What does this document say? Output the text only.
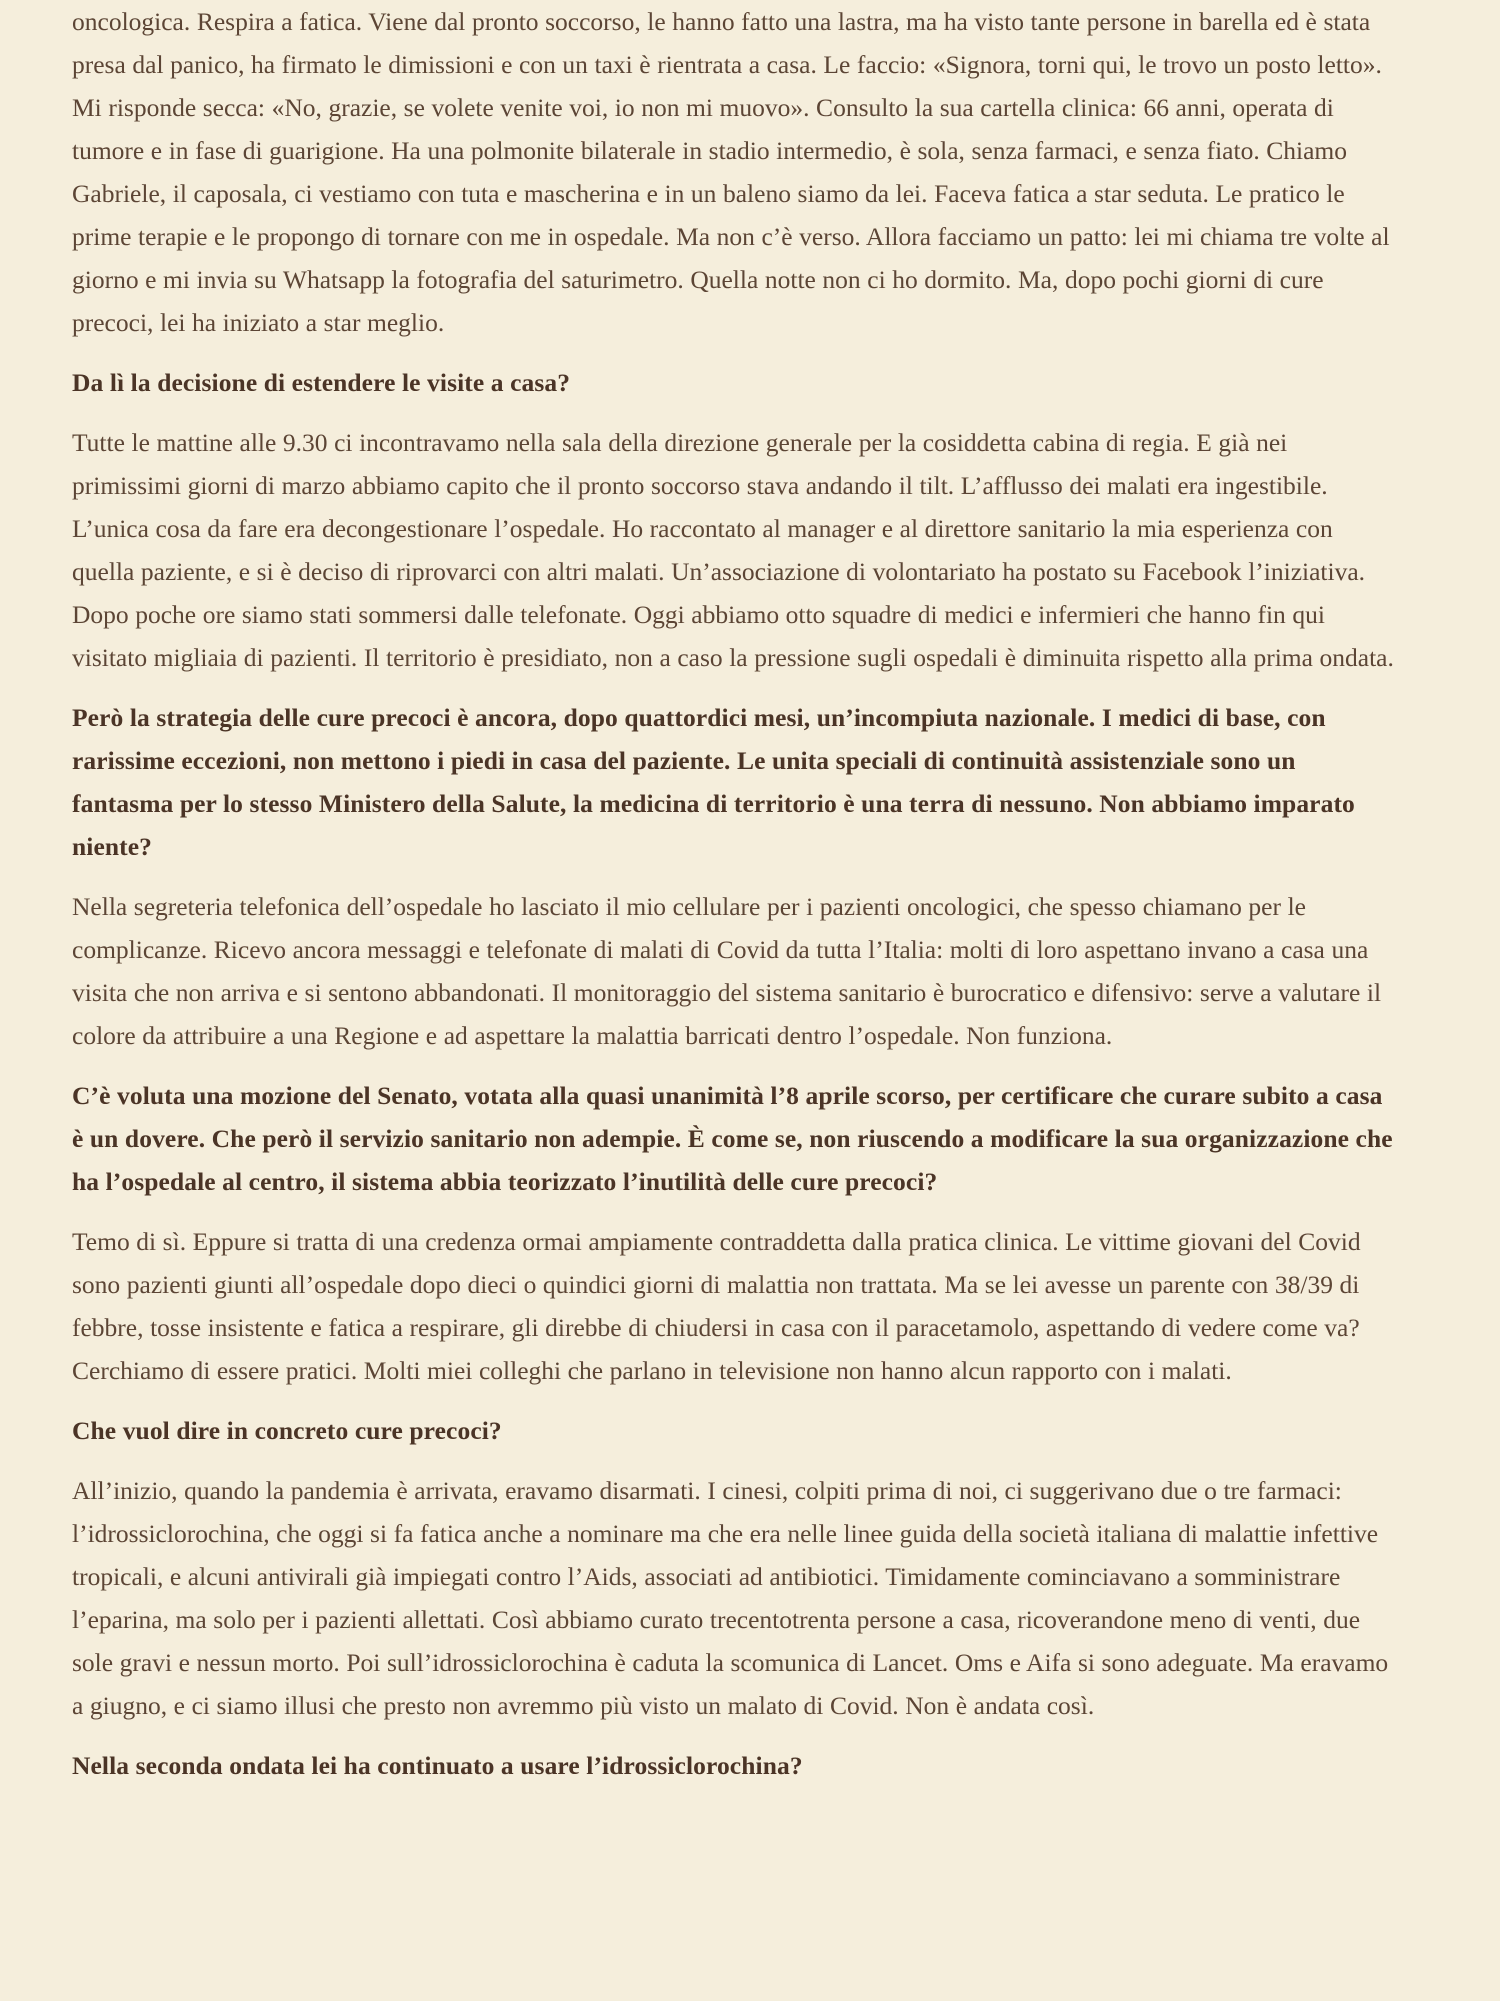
oncologica. Respira a fatica. Viene dal pronto soccorso, le hanno fatto una lastra, ma ha visto tante persone in barella ed è stata presa dal panico, ha firmato le dimissioni e con un taxi è rientrata a casa. Le faccio: «Signora, torni qui, le trovo un posto letto». Mi risponde secca: «No, grazie, se volete venite voi, io non mi muovo». Consulto la sua cartella clinica: 66 anni, operata di tumore e in fase di guarigione. Ha una polmonite bilaterale in stadio intermedio, è sola, senza farmaci, e senza fiato. Chiamo Gabriele, il caposala, ci vestiamo con tuta e mascherina e in un baleno siamo da lei. Faceva fatica a star seduta. Le pratico le prime terapie e le propongo di tornare con me in ospedale. Ma non c’è verso. Allora facciamo un patto: lei mi chiama tre volte al giorno e mi invia su Whatsapp la fotografia del saturimetro. Quella notte non ci ho dormito. Ma, dopo pochi giorni di cure precoci, lei ha iniziato a star meglio.

Da lì la decisione di estendere le visite a casa?

Tutte le mattine alle 9.30 ci incontravamo nella sala della direzione generale per la cosiddetta cabina di regia. E già nei primissimi giorni di marzo abbiamo capito che il pronto soccorso stava andando il tilt. L’afflusso dei malati era ingestibile. L’unica cosa da fare era decongestionare l’ospedale. Ho raccontato al manager e al direttore sanitario la mia esperienza con quella paziente, e si è deciso di riprovarci con altri malati. Un’associazione di volontariato ha postato su Facebook l’iniziativa. Dopo poche ore siamo stati sommersi dalle telefonate. Oggi abbiamo otto squadre di medici e infermieri che hanno fin qui visitato migliaia di pazienti. Il territorio è presidiato, non a caso la pressione sugli ospedali è diminuita rispetto alla prima ondata.

Però la strategia delle cure precoci è ancora, dopo quattordici mesi, un’incompiuta nazionale. I medici di base, con rarissime eccezioni, non mettono i piedi in casa del paziente. Le unita speciali di continuità assistenziale sono un fantasma per lo stesso Ministero della Salute, la medicina di territorio è una terra di nessuno. Non abbiamo imparato niente?

Nella segreteria telefonica dell’ospedale ho lasciato il mio cellulare per i pazienti oncologici, che spesso chiamano per le complicanze. Ricevo ancora messaggi e telefonate di malati di Covid da tutta l’Italia: molti di loro aspettano invano a casa una visita che non arriva e si sentono abbandonati. Il monitoraggio del sistema sanitario è burocratico e difensivo: serve a valutare il colore da attribuire a una Regione e ad aspettare la malattia barricati dentro l’ospedale. Non funziona.

C’è voluta una mozione del Senato, votata alla quasi unanimità l’8 aprile scorso, per certificare che curare subito a casa è un dovere. Che però il servizio sanitario non adempie. È come se, non riuscendo a modificare la sua organizzazione che ha l’ospedale al centro, il sistema abbia teorizzato l’inutilità delle cure precoci?

Temo di sì. Eppure si tratta di una credenza ormai ampiamente contraddetta dalla pratica clinica. Le vittime giovani del Covid sono pazienti giunti all’ospedale dopo dieci o quindici giorni di malattia non trattata. Ma se lei avesse un parente con 38/39 di febbre, tosse insistente e fatica a respirare, gli direbbe di chiudersi in casa con il paracetamolo, aspettando di vedere come va? Cerchiamo di essere pratici. Molti miei colleghi che parlano in televisione non hanno alcun rapporto con i malati.

Che vuol dire in concreto cure precoci?

All’inizio, quando la pandemia è arrivata, eravamo disarmati. I cinesi, colpiti prima di noi, ci suggerivano due o tre farmaci: l’idrossiclorochina, che oggi si fa fatica anche a nominare ma che era nelle linee guida della società italiana di malattie infettive tropicali, e alcuni antivirali già impiegati contro l’Aids, associati ad antibiotici. Timidamente cominciavano a somministrare l’eparina, ma solo per i pazienti allettati. Così abbiamo curato trecentotrenta persone a casa, ricoverandone meno di venti, due sole gravi e nessun morto. Poi sull’idrossiclorochina è caduta la scomunica di Lancet. Oms e Aifa si sono adeguate. Ma eravamo a giugno, e ci siamo illusi che presto non avremmo più visto un malato di Covid. Non è andata così.

Nella seconda ondata lei ha continuato a usare l’idrossiclorochina?
